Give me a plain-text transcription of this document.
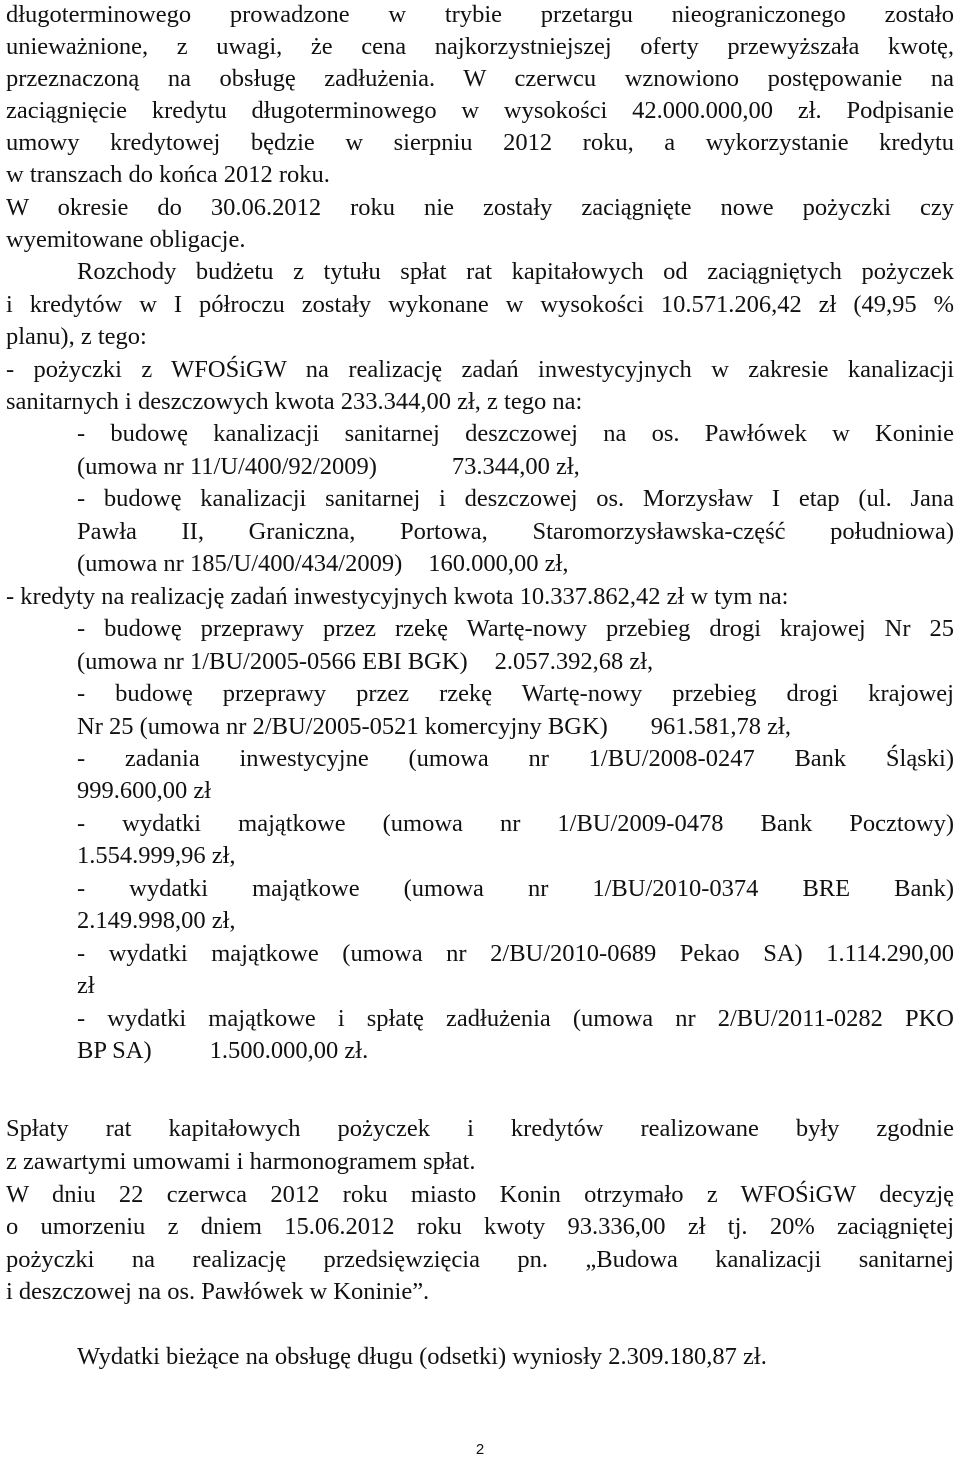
długoterminowego prowadzone w trybie przetargu nieograniczonego zostało
unieważnione, z uwagi, że cena najkorzystniejszej oferty przewyższała kwotę,
przeznaczoną na obsługę zadłużenia. W czerwcu wznowiono postępowanie na
zaciągnięcie kredytu długoterminowego w wysokości 42.000.000,00 zł. Podpisanie
umowy kredytowej będzie w sierpniu 2012 roku, a wykorzystanie kredytu
w transzach do końca 2012 roku.
W okresie do 30.06.2012 roku nie zostały zaciągnięte nowe pożyczki czy
wyemitowane obligacje.
Rozchody budżetu z tytułu spłat rat kapitałowych od zaciągniętych pożyczek
i kredytów w I półroczu zostały wykonane w wysokości 10.571.206,42 zł (49,95 %
planu), z tego:
- pożyczki z WFOŚiGW na realizację zadań inwestycyjnych w zakresie kanalizacji
sanitarnych i deszczowych kwota 233.344,00 zł, z tego na:
- budowę kanalizacji sanitarnej deszczowej na os. Pawłówek w Koninie
(umowa nr 11/U/400/92/2009)	73.344,00 zł,
- budowę kanalizacji sanitarnej i deszczowej os. Morzysław I etap (ul. Jana
Pawła II, Graniczna, Portowa, Staromorzysławska-część południowa)
(umowa nr 185/U/400/434/2009) 160.000,00 zł,
- kredyty na realizację zadań inwestycyjnych kwota 10.337.862,42 zł w tym na:
- budowę przeprawy przez rzekę Wartę-nowy przebieg drogi krajowej Nr 25
(umowa nr 1/BU/2005-0566 EBI BGK) 2.057.392,68 zł,
- budowę przeprawy przez rzekę Wartę-nowy przebieg drogi krajowej
Nr 25 (umowa nr 2/BU/2005-0521 komercyjny BGK) 961.581,78 zł,
- zadania inwestycyjne (umowa nr 1/BU/2008-0247 Bank Śląski)
999.600,00 zł
- wydatki majątkowe (umowa nr 1/BU/2009-0478 Bank Pocztowy)
1.554.999,96 zł,
- wydatki majątkowe (umowa nr 1/BU/2010-0374 BRE Bank)
2.149.998,00 zł,
- wydatki majątkowe (umowa nr 2/BU/2010-0689 Pekao SA) 1.114.290,00
zł
- wydatki majątkowe i spłatę zadłużenia (umowa nr 2/BU/2011-0282 PKO
BP SA) 1.500.000,00 zł.
Spłaty rat kapitałowych pożyczek i kredytów realizowane były zgodnie
z zawartymi umowami i harmonogramem spłat.
W dniu 22 czerwca 2012 roku miasto Konin otrzymało z WFOŚiGW decyzję
o umorzeniu z dniem 15.06.2012 roku kwoty 93.336,00 zł tj. 20% zaciągniętej
pożyczki na realizację przedsięwzięcia pn. „Budowa kanalizacji sanitarnej
i deszczowej na os. Pawłówek w Koninie”.
Wydatki bieżące na obsługę długu (odsetki) wyniosły 2.309.180,87 zł.
2
